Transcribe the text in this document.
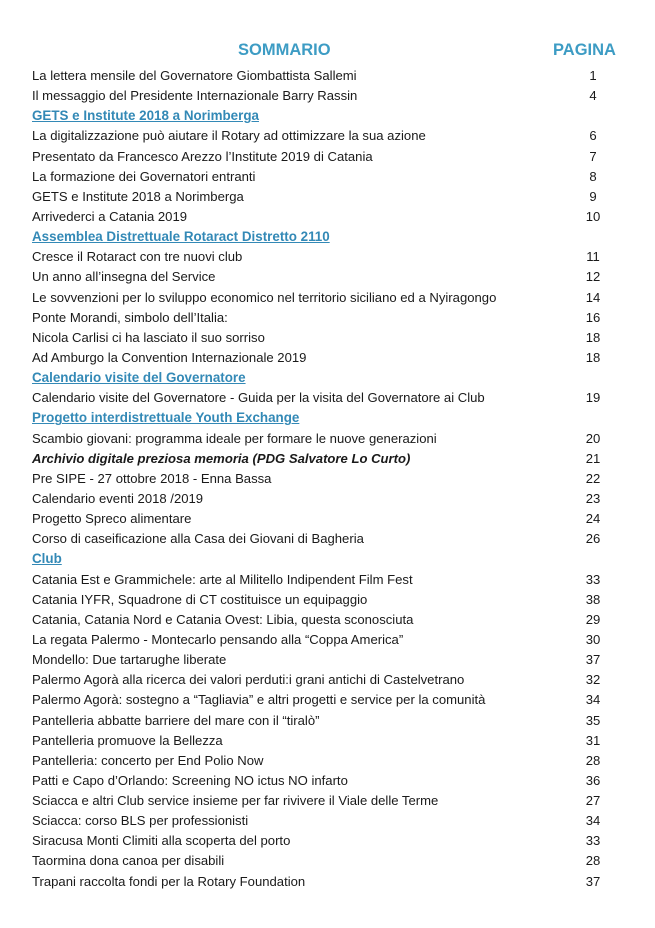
SOMMARIO	PAGINA
La lettera mensile del Governatore Giombattista Sallemi	1
Il messaggio del Presidente Internazionale Barry Rassin	4
GETS e Institute 2018 a Norimberga
La digitalizzazione può aiutare il Rotary ad ottimizzare la sua azione	6
Presentato da Francesco Arezzo l’Institute 2019 di Catania	7
La formazione dei Governatori entranti	8
GETS e Institute 2018 a Norimberga	9
Arrivederci a Catania 2019	10
Assemblea Distrettuale Rotaract Distretto 2110
Cresce il Rotaract con tre nuovi club	11
Un anno all’insegna del Service	12
Le sovvenzioni per lo sviluppo economico nel territorio siciliano ed a Nyiragongo	14
Ponte Morandi, simbolo dell’Italia:	16
Nicola Carlisi ci ha lasciato il suo sorriso	18
Ad Amburgo la Convention Internazionale 2019	18
Calendario visite del Governatore
Calendario visite del Governatore - Guida per la visita del Governatore ai Club	19
Progetto interdistrettuale Youth Exchange
Scambio giovani: programma ideale per formare le nuove generazioni	20
Archivio digitale preziosa memoria (PDG Salvatore Lo Curto)	21
Pre SIPE - 27 ottobre 2018 - Enna Bassa	22
Calendario eventi 2018 /2019	23
Progetto Spreco alimentare	24
Corso di caseificazione alla Casa dei Giovani di Bagheria	26
Club
Catania Est e Grammichele: arte al Militello Indipendent Film Fest	33
Catania IYFR, Squadrone di CT costituisce un equipaggio	38
Catania, Catania Nord e Catania Ovest: Libia, questa sconosciuta	29
La regata Palermo - Montecarlo pensando alla “Coppa America”	30
Mondello: Due tartarughe liberate	37
Palermo Agorà alla ricerca dei valori perduti:i grani antichi di Castelvetrano	32
Palermo Agorà: sostegno a “Tagliavia” e altri progetti e service per la comunità	34
Pantelleria abbatte barriere del mare con il “tiralò”	35
Pantelleria promuove la Bellezza	31
Pantelleria: concerto per End Polio Now	28
Patti e Capo d’Orlando: Screening NO ictus NO infarto	36
Sciacca e altri Club service insieme per far rivivere il Viale delle Terme	27
Sciacca: corso BLS per professionisti	34
Siracusa Monti Climiti alla scoperta del porto	33
Taormina dona canoa per disabili	28
Trapani raccolta fondi per la Rotary Foundation	37
